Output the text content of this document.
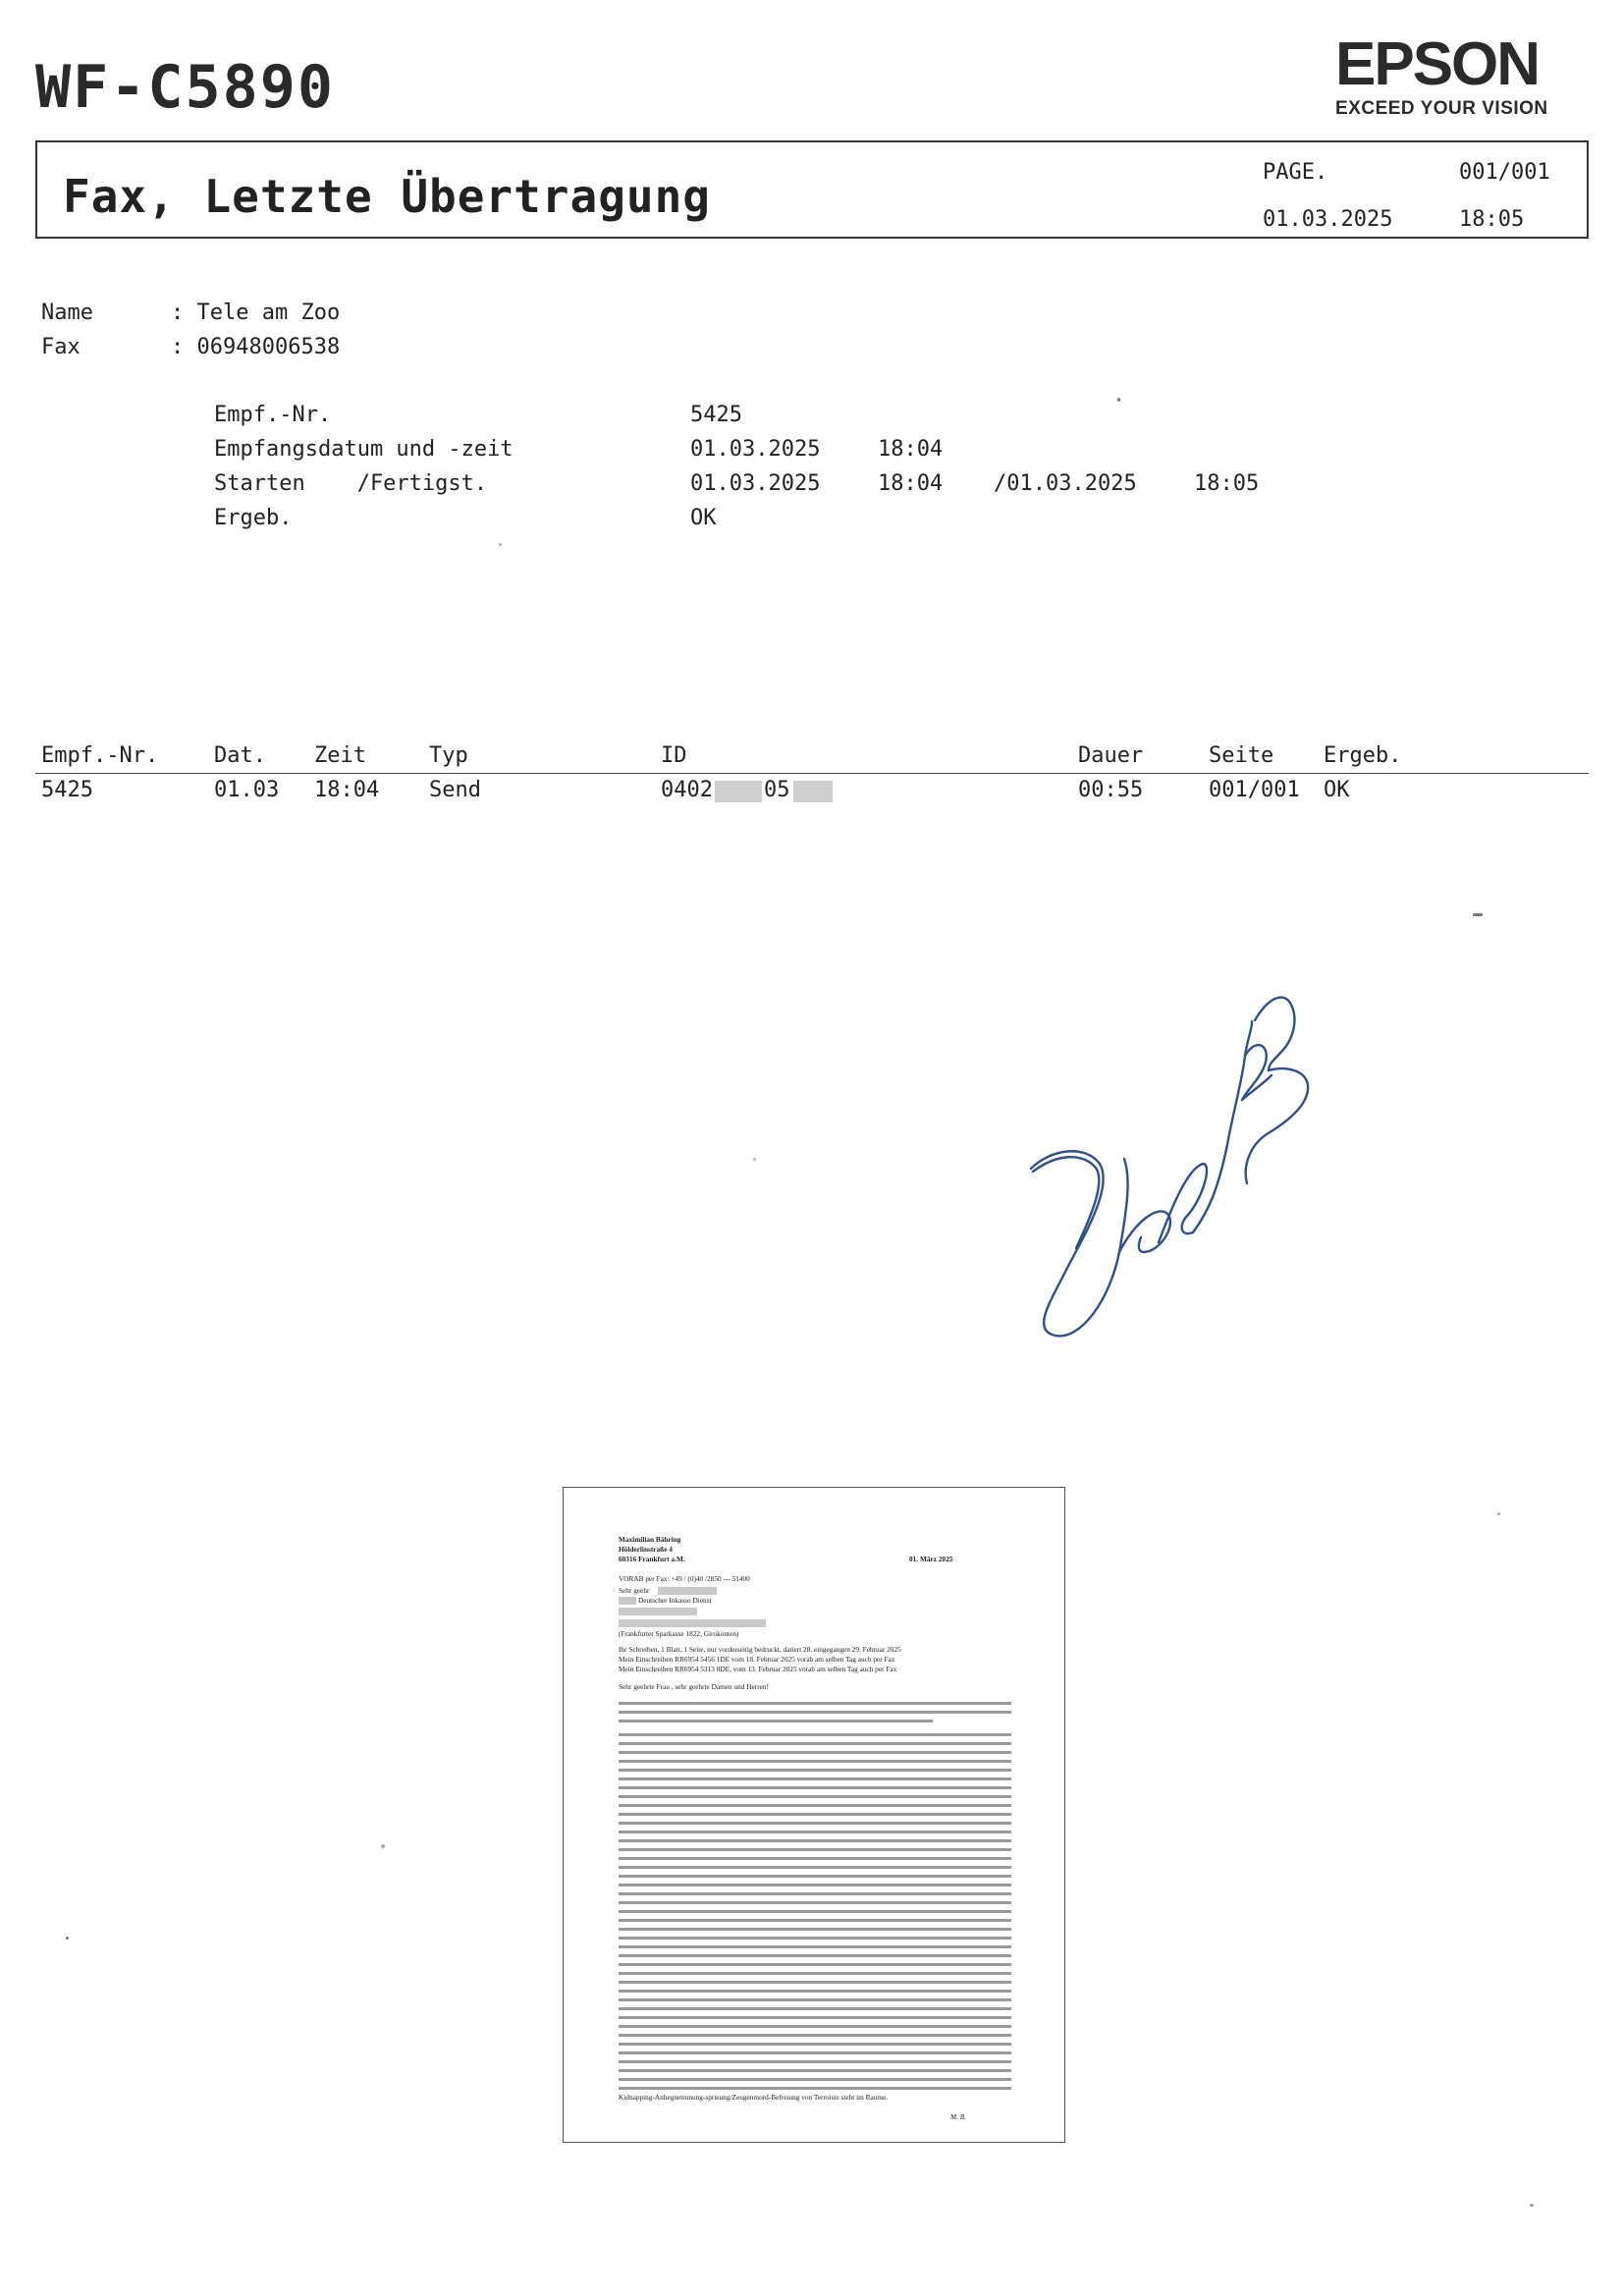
WF-C5890	EPSON
EXCEED YOUR VISION
Fax, Letzte Übertragung	PAGE.	001/001
01.03.2025	18:05
Name	: Tele am Zoo
Fax	: 06948006538
Empf.-Nr.	5425
Empfangsdatum und -zeit	01.03.2025	18:04
Starten    /Fertigst.	01.03.2025	18:04 /01.03.2025	18:05
Ergeb.	OK
Empf.-Nr.	Dat. Zeit	Typ	ID	Dauer	Seite Ergeb.
5425	01.03 18:04 Send	0402 05	00:55	001/001 OK
Maximilian Bähring
Hölderlinstraße 4
60316 Frankfurt a.M.	01. März 2025
VORAB per Fax: +49 / (0)40 /2850 --- 51400
Sehr geehr
Deutscher Inkasso Dienst
(Frankfurter Sparkasse 1822, Girokonten)
Ihr Schreiben, 1 Blatt, 1 Seite, nur vorderseitig bedruckt, datiert 28. eingegangen 29. Februar 2025
Mein Einschreiben RR6954 5456 1DE vom 18. Februar 2025 vorab am selben Tag auch per Fax
Mein Einschreiben RR6954 5313 8DE, vom 13. Februar 2025 vorab am selben Tag auch per Fax
Sehr geehrte Frau , sehr geehrte Damen und Herren!
Kidnapping-Anhegnetrunung-sprieung/Zeugenmord-Befreiung von Terroiste steht im Raume.
M. B.
